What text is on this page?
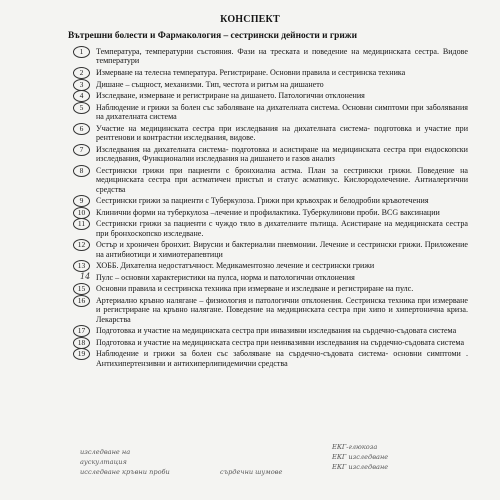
КОНСПЕКТ
Вътрешни болести и Фармакология – сестрински дейности и грижи
1	Температура, температурни състояния. Фази на треската и поведение на медицинската сестра. Видове температури
2	Измерване на телесна температура. Регистриране. Основни правила и сестринска техника
3	Дишане – същност, механизми. Тип, честота и ритъм на дишането
4	Изследване, измерване и регистриране на дишането. Патологични отклонения
5	Наблюдение и грижи за болен със заболяване на дихателната система. Основни симптоми при заболявания на дихателната система
6	Участие на медицинската сестра при изследвания на дихателната система- подготовка и участие при рентгенови и контрастни изследвания, видове.
7	Изследвания на дихателната система- подготовка и асистиране на медицинската сестра при ендоскопски изследвания, Функционални изследвания на дишането и газов анализ
8	Сестрински грижи при пациенти с бронхиална астма. План за сестрински грижи. Поведение на медицинската сестра при астматичен пристъп и статус асматикус. Кислородолечение. Антиалергични средства
9	Сестрински грижи за пациенти с Туберкулоза. Грижи при кръвохрак и белодробни кръвотечения
10	Клинични форми на туберкулоза –лечение и профилактика. Туберкулинови проби. BCG ваксинации
11	Сестрински грижи за пациенти с чуждо тяло в дихателните пътища. Асистиране на медицинската сестра при бронхоскопско изследване.
12	Остър и хроничен бронхит. Вирусни и бактериални пневмонии. Лечение и сестрински грижи. Приложение на антибиотици и химиотерапевтици
13	ХОББ. Дихателна недостатъчност. Медикаментозно лечение и сестрински грижи
14 Пулс – основни характеристики на пулса, норма и патологични отклонения
15	Основни правила и сестринска техника при измерване и изследване и регистриране на пулс.
16	Артериално кръвно налягане – физиология и патологични отклонения. Сестринска техника при измерване и регистриране на кръвно налягане. Поведение на медицинската сестра при хипо и хипертонична криза. Лекарства
17	Подготовка и участие на медицинската сестра при инвазивни изследвания на сърдечно-съдовата система
18	Подготовка и участие на медицинската сестра при неинвазивни изследвания на сърдечно-съдовата система
19	Наблюдение и грижи за болен със заболяване на сърдечно-съдовата система- основни симптоми . Антихипертензивни и антихиперлипидемични средства
ЕКГ-глюкоза
ЕКГ изследване
изследване на
ЕКГ изследване
аускултация
исследване кръвни проби	сърдечни шумове
